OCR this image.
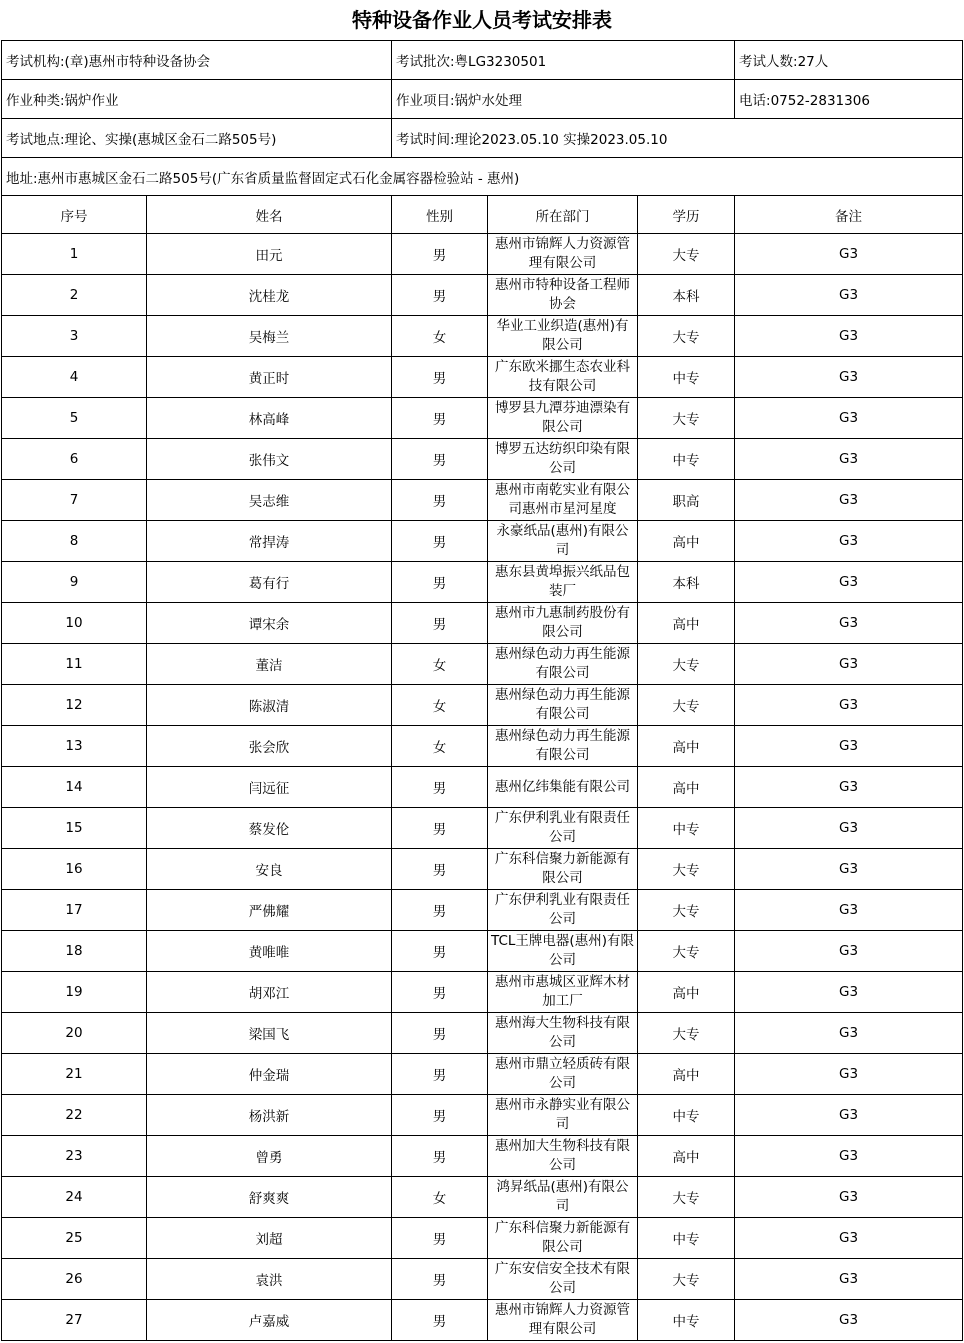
特种设备作业人员考试安排表
考试机构:(章)惠州市特种设备协会		考试批次:粤LG3230501			考试人数:27人
作业种类:锅炉作业		作业项目:锅炉水处理			电话:0752-2831306
考试地点:理论、实操(惠城区金石二路505号)		考试时间:理论2023.05.10 实操2023.05.10			
地址:惠州市惠城区金石二路505号(广东省质量监督固定式石化金属容器检验站 - 惠州)					
序号	姓名	性别	所在部门	学历	备注
1	田元	男	惠州市锦辉人力资源管理有限公司	大专	G3
2	沈桂龙	男	惠州市特种设备工程师协会	本科	G3
3	吴梅兰	女	华业工业织造(惠州)有限公司	大专	G3
4	黄正时	男	广东欧米挪生态农业科技有限公司	中专	G3
5	林高峰	男	博罗县九潭芬迪漂染有限公司	大专	G3
6	张伟文	男	博罗五达纺织印染有限公司	中专	G3
7	吴志维	男	惠州市南乾实业有限公司惠州市星河星度	职高	G3
8	常捍涛	男	永豪纸品(惠州)有限公司	高中	G3
9	葛有行	男	惠东县黄埠振兴纸品包装厂	本科	G3
10	谭宋余	男	惠州市九惠制药股份有限公司	高中	G3
11	董洁	女	惠州绿色动力再生能源有限公司	大专	G3
12	陈淑清	女	惠州绿色动力再生能源有限公司	大专	G3
13	张会欣	女	惠州绿色动力再生能源有限公司	高中	G3
14	闫远征	男	惠州亿纬集能有限公司	高中	G3
15	蔡发伦	男	广东伊利乳业有限责任公司	中专	G3
16	安良	男	广东科信聚力新能源有限公司	大专	G3
17	严佛耀	男	广东伊利乳业有限责任公司	大专	G3
18	黄唯唯	男	TCL王牌电器(惠州)有限公司	大专	G3
19	胡邓江	男	惠州市惠城区亚辉木材加工厂	高中	G3
20	梁国飞	男	惠州海大生物科技有限公司	大专	G3
21	仲金瑞	男	惠州市鼎立轻质砖有限公司	高中	G3
22	杨洪新	男	惠州市永静实业有限公司	中专	G3
23	曾勇	男	惠州加大生物科技有限公司	高中	G3
24	舒爽爽	女	鸿昇纸品(惠州)有限公司	大专	G3
25	刘超	男	广东科信聚力新能源有限公司	中专	G3
26	袁洪	男	广东安信安全技术有限公司	大专	G3
27	卢嘉威	男	惠州市锦辉人力资源管理有限公司	中专	G3
